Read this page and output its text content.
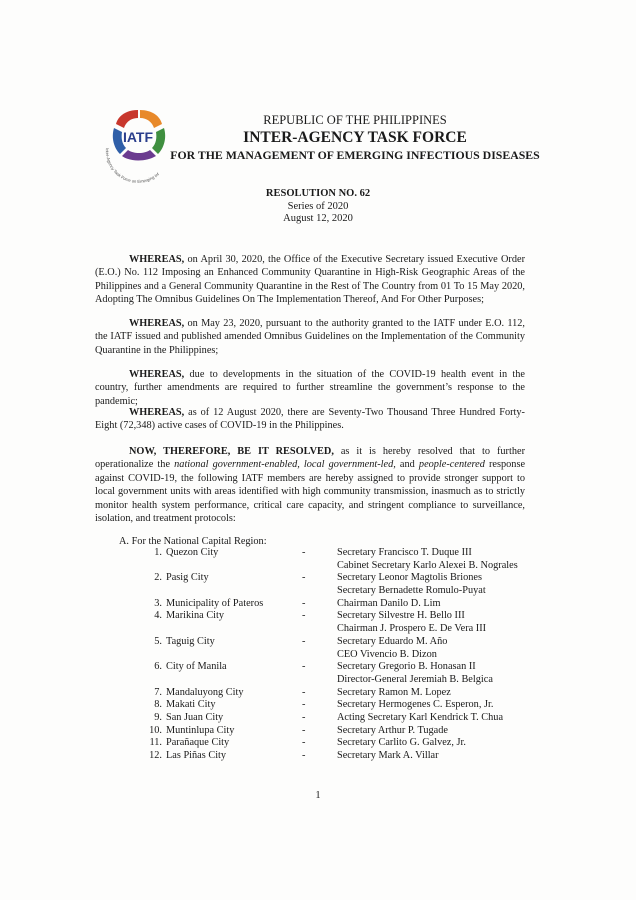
IATF
Inter-Agency Task Force on Emerging Inf
REPUBLIC OF THE PHILIPPINES
INTER-AGENCY TASK FORCE
FOR THE MANAGEMENT OF EMERGING INFECTIOUS DISEASES
RESOLUTION NO. 62
Series of 2020
August 12, 2020
WHEREAS, on April 30, 2020, the Office of the Executive Secretary issued Executive Order (E.O.) No. 112 Imposing an Enhanced Community Quarantine in High-Risk Geographic Areas of the Philippines and a General Community Quarantine in the Rest of The Country from 01 To 15 May 2020, Adopting The Omnibus Guidelines On The Implementation Thereof, And For Other Purposes;
WHEREAS, on May 23, 2020, pursuant to the authority granted to the IATF under E.O. 112, the IATF issued and published amended Omnibus Guidelines on the Implementation of the Community Quarantine in the Philippines;
WHEREAS, due to developments in the situation of the COVID-19 health event in the country, further amendments are required to further streamline the government’s response to the pandemic;
WHEREAS, as of 12 August 2020, there are Seventy-Two Thousand Three Hundred Forty-Eight (72,348) active cases of COVID-19 in the Philippines.
NOW, THEREFORE, BE IT RESOLVED, as it is hereby resolved that to further operationalize the national government-enabled, local government-led, and people-centered response against COVID-19, the following IATF members are hereby assigned to provide stronger support to local government units with areas identified with high community transmission, inasmuch as to strictly monitor health system performance, critical care capacity, and stringent compliance to surveillance, isolation, and treatment protocols:
A. For the National Capital Region:
1. Quezon City	-	Secretary Francisco T. Duque III
Cabinet Secretary Karlo Alexei B. Nograles
2. Pasig City	-	Secretary Leonor Magtolis Briones
Secretary Bernadette Romulo-Puyat
3. Municipality of Pateros	-	Chairman Danilo D. Lim
4. Marikina City	-	Secretary Silvestre H. Bello III
Chairman J. Prospero E. De Vera III
5. Taguig City	-	Secretary Eduardo M. Año
CEO Vivencio B. Dizon
6. City of Manila	-	Secretary Gregorio B. Honasan II
Director-General Jeremiah B. Belgica
7. Mandaluyong City	-	Secretary Ramon M. Lopez
8. Makati City	-	Secretary Hermogenes C. Esperon, Jr.
9. San Juan City	-	Acting Secretary Karl Kendrick T. Chua
10. Muntinlupa City	-	Secretary Arthur P. Tugade
11. Parañaque City	-	Secretary Carlito G. Galvez, Jr.
12. Las Piñas City	-	Secretary Mark A. Villar
1
